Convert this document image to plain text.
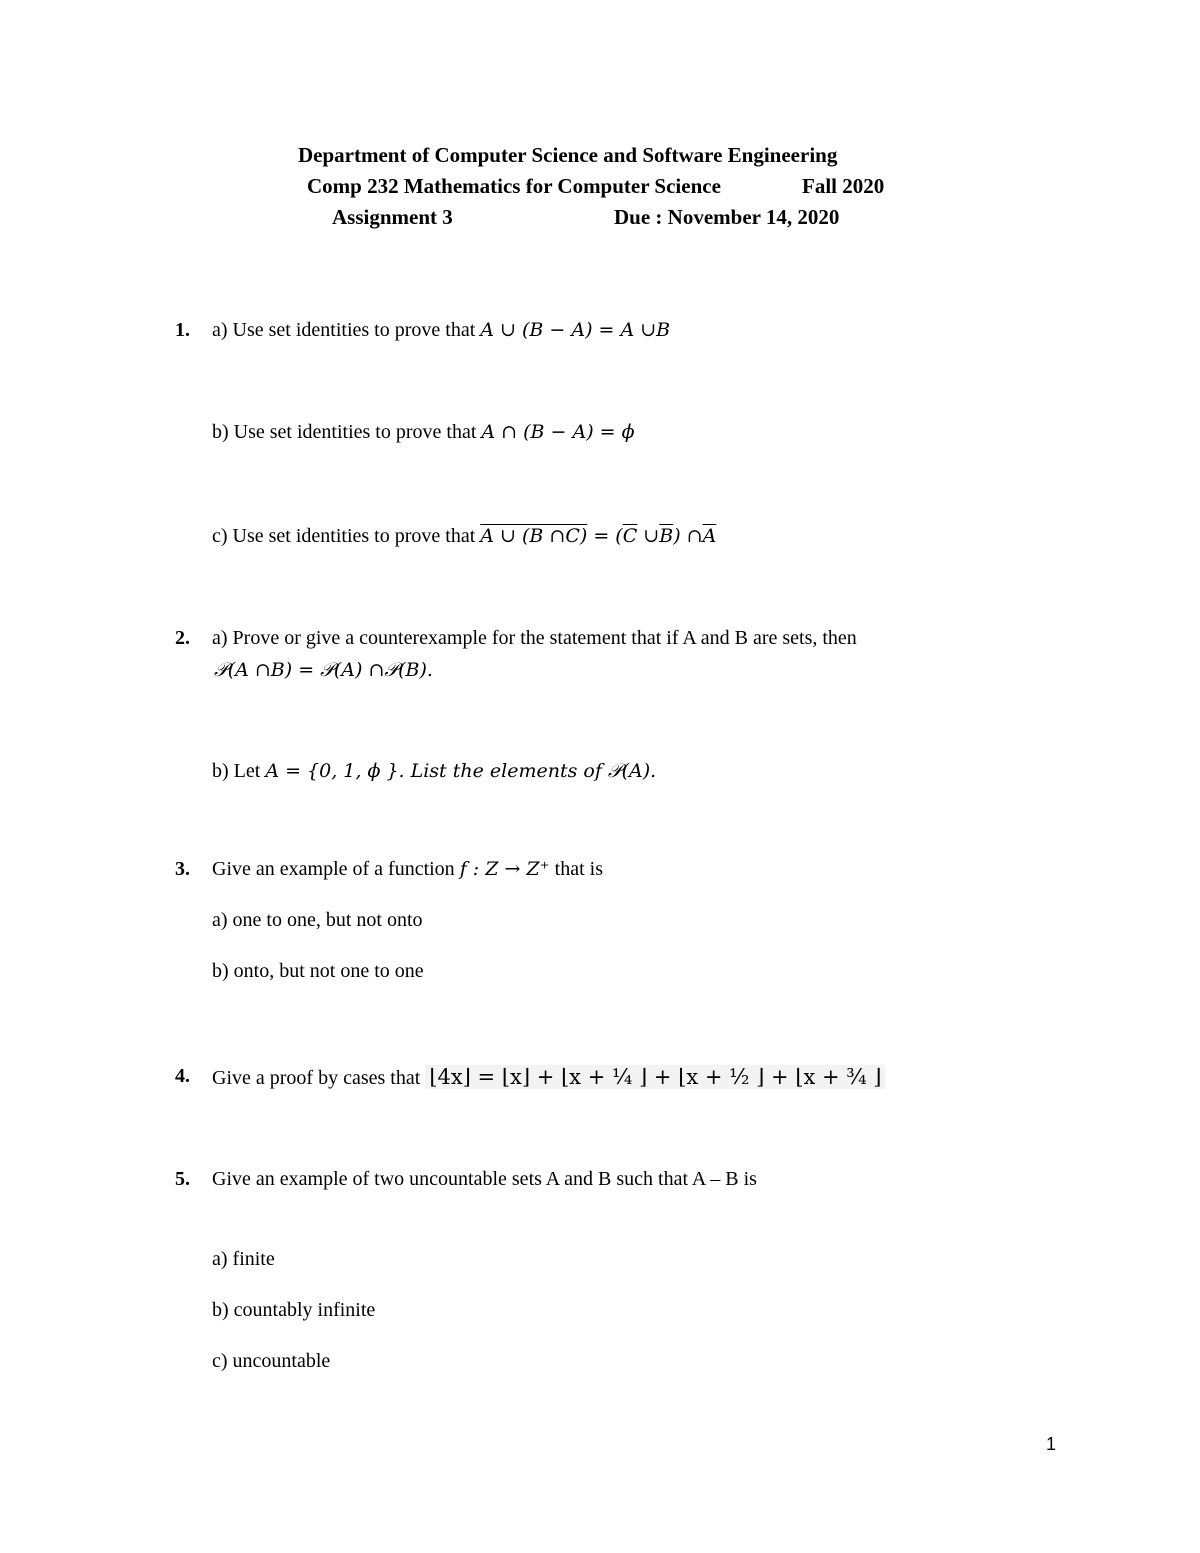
Department of Computer Science and Software Engineering
Comp 232 Mathematics for Computer Science	Fall 2020
Assignment 3	Due : November 14, 2020
1. a) Use set identities to prove that A ∪ (B − A) = A ∪B
b) Use set identities to prove that A ∩ (B − A) = ϕ
c) Use set identities to prove that A ∪ (B ∩C) = ($\overline{C}$ $\cup\overline{B}$) $\cap\overline{A}$
2. a) Prove or give a counterexample for the statement that if A and B are sets, then
𝒫(A ∩B) = 𝒫(A) ∩𝒫(B).
b) Let A = {0, 1, ϕ }. List the elements of 𝒫(A).
3. Give an example of a function f : Z → Z⁺ that is
a) one to one, but not onto
b) onto, but not one to one
4. Give a proof by cases that ⌊4x⌋ = ⌊x⌋ + ⌊x + ¼ ⌋ + ⌊x + ½ ⌋ + ⌊x + ¾ ⌋
5. Give an example of two uncountable sets A and B such that A – B is
a) finite
b) countably infinite
c) uncountable
1
